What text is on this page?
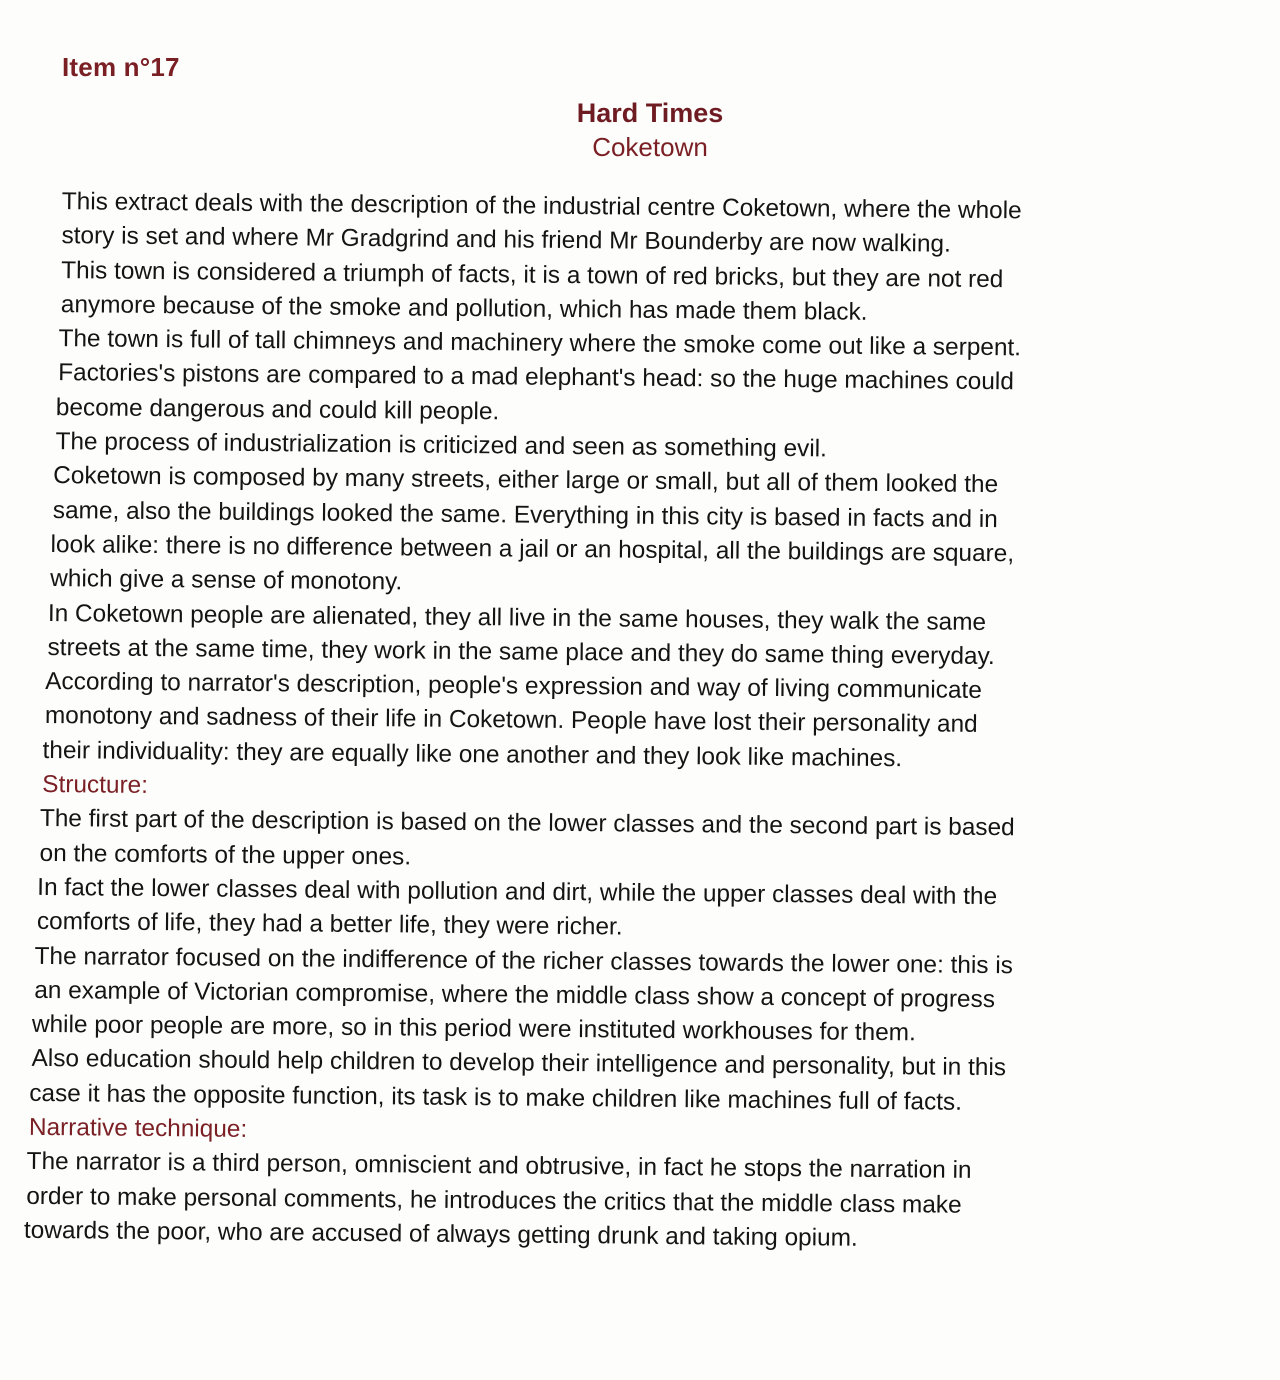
Item n°17
Hard Times
Coketown
This extract deals with the description of the industrial centre Coketown, where the whole
story is set and where Mr Gradgrind and his friend Mr Bounderby are now walking.
This town is considered a triumph of facts, it is a town of red bricks, but they are not red
anymore because of the smoke and pollution, which has made them black.
The town is full of tall chimneys and machinery where the smoke come out like a serpent.
Factories's pistons are compared to a mad elephant's head: so the huge machines could
become dangerous and could kill people.
The process of industrialization is criticized and seen as something evil.
Coketown is composed by many streets, either large or small, but all of them looked the
same, also the buildings looked the same. Everything in this city is based in facts and in
look alike: there is no difference between a jail or an hospital, all the buildings are square,
which give a sense of monotony.
In Coketown people are alienated, they all live in the same houses, they walk the same
streets at the same time, they work in the same place and they do same thing everyday.
According to narrator's description, people's expression and way of living communicate
monotony and sadness of their life in Coketown. People have lost their personality and
their individuality: they are equally like one another and they look like machines.
Structure:
The first part of the description is based on the lower classes and the second part is based
on the comforts of the upper ones.
In fact the lower classes deal with pollution and dirt, while the upper classes deal with the
comforts of life, they had a better life, they were richer.
The narrator focused on the indifference of the richer classes towards the lower one: this is
an example of Victorian compromise, where the middle class show a concept of progress
while poor people are more, so in this period were instituted workhouses for them.
Also education should help children to develop their intelligence and personality, but in this
case it has the opposite function, its task is to make children like machines full of facts.
Narrative technique:
The narrator is a third person, omniscient and obtrusive, in fact he stops the narration in
order to make personal comments, he introduces the critics that the middle class make
towards the poor, who are accused of always getting drunk and taking opium.
